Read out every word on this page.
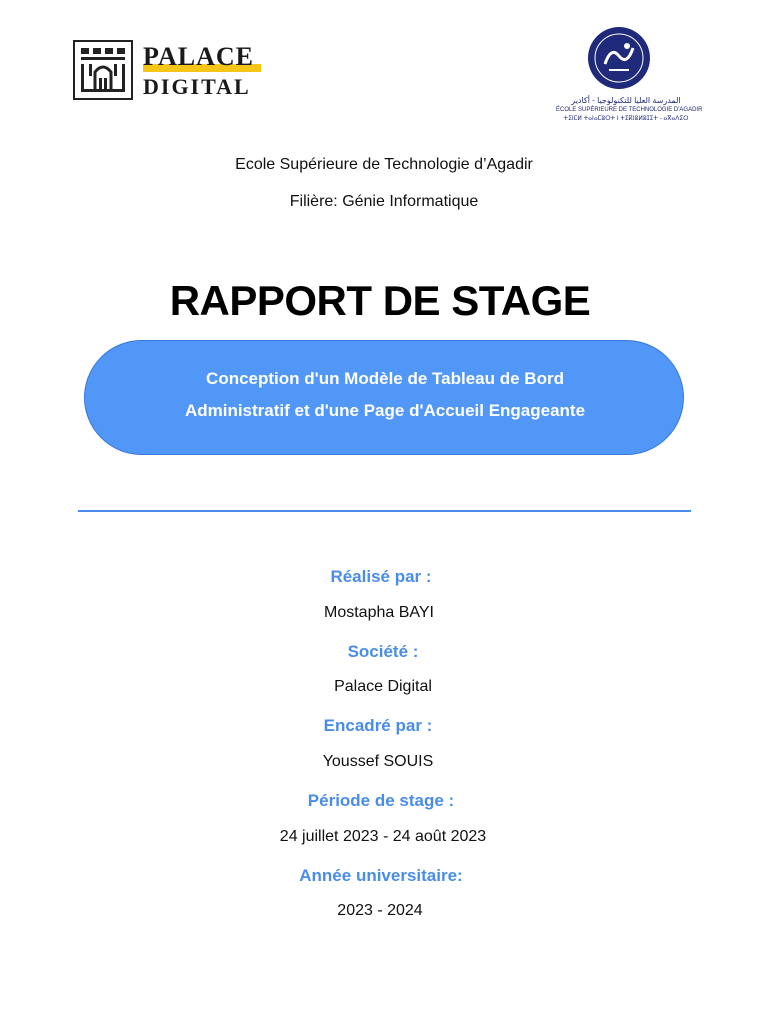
PALACE
DIGITAL
المدرسة العليا للتكنولوجيا - أكادير
ÉCOLE SUPÉRIEURE DE TECHNOLOGIE D'AGADIR
ⵜⵉⵏⵎⵍ ⵜⴰⵏⴰⵎⵓⵔⵜ ⵏ ⵜⵉⴽⵏⵓⵍⵓⵊⵉⵜ - ⴰⴳⴰⴷⵉⵔ
Ecole Supérieure de Technologie d’Agadir
Filière: Génie Informatique
RAPPORT DE STAGE
Conception d'un Modèle de Tableau de Bord
Administratif et d'une Page d'Accueil Engageante
Réalisé par :
Mostapha BAYI
Société :
Palace Digital
Encadré par :
Youssef SOUIS
Période de stage :
24 juillet 2023 - 24 août 2023
Année universitaire:
2023 - 2024
